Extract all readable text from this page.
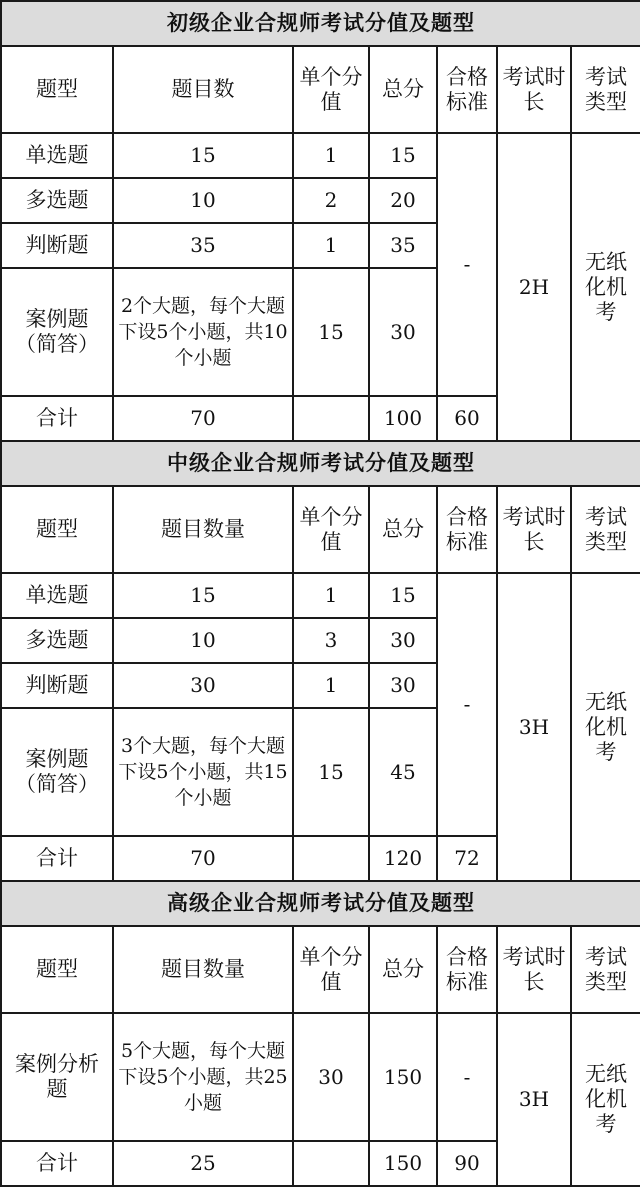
初级企业合规师考试分值及题型						
题型	题目数	单个分值	总分	合格标准	考试时长	考试类型
单选题	15	1	15	-	2H	无纸化机考
多选题	10	2	20			
判断题	35	1	35			
案例题（简答）	2个大题，每个大题下设5个小题，共10个小题	15	30			
合计	70		100	60		
中级企业合规师考试分值及题型						
题型	题目数量	单个分值	总分	合格标准	考试时长	考试类型
单选题	15	1	15	-	3H	无纸化机考
多选题	10	3	30			
判断题	30	1	30			
案例题（简答）	3个大题，每个大题下设5个小题，共15个小题	15	45			
合计	70		120	72		
高级企业合规师考试分值及题型						
题型	题目数量	单个分值	总分	合格标准	考试时长	考试类型
案例分析题	5个大题，每个大题下设5个小题，共25小题	30	150	-	3H	无纸化机考
合计	25		150	90		
